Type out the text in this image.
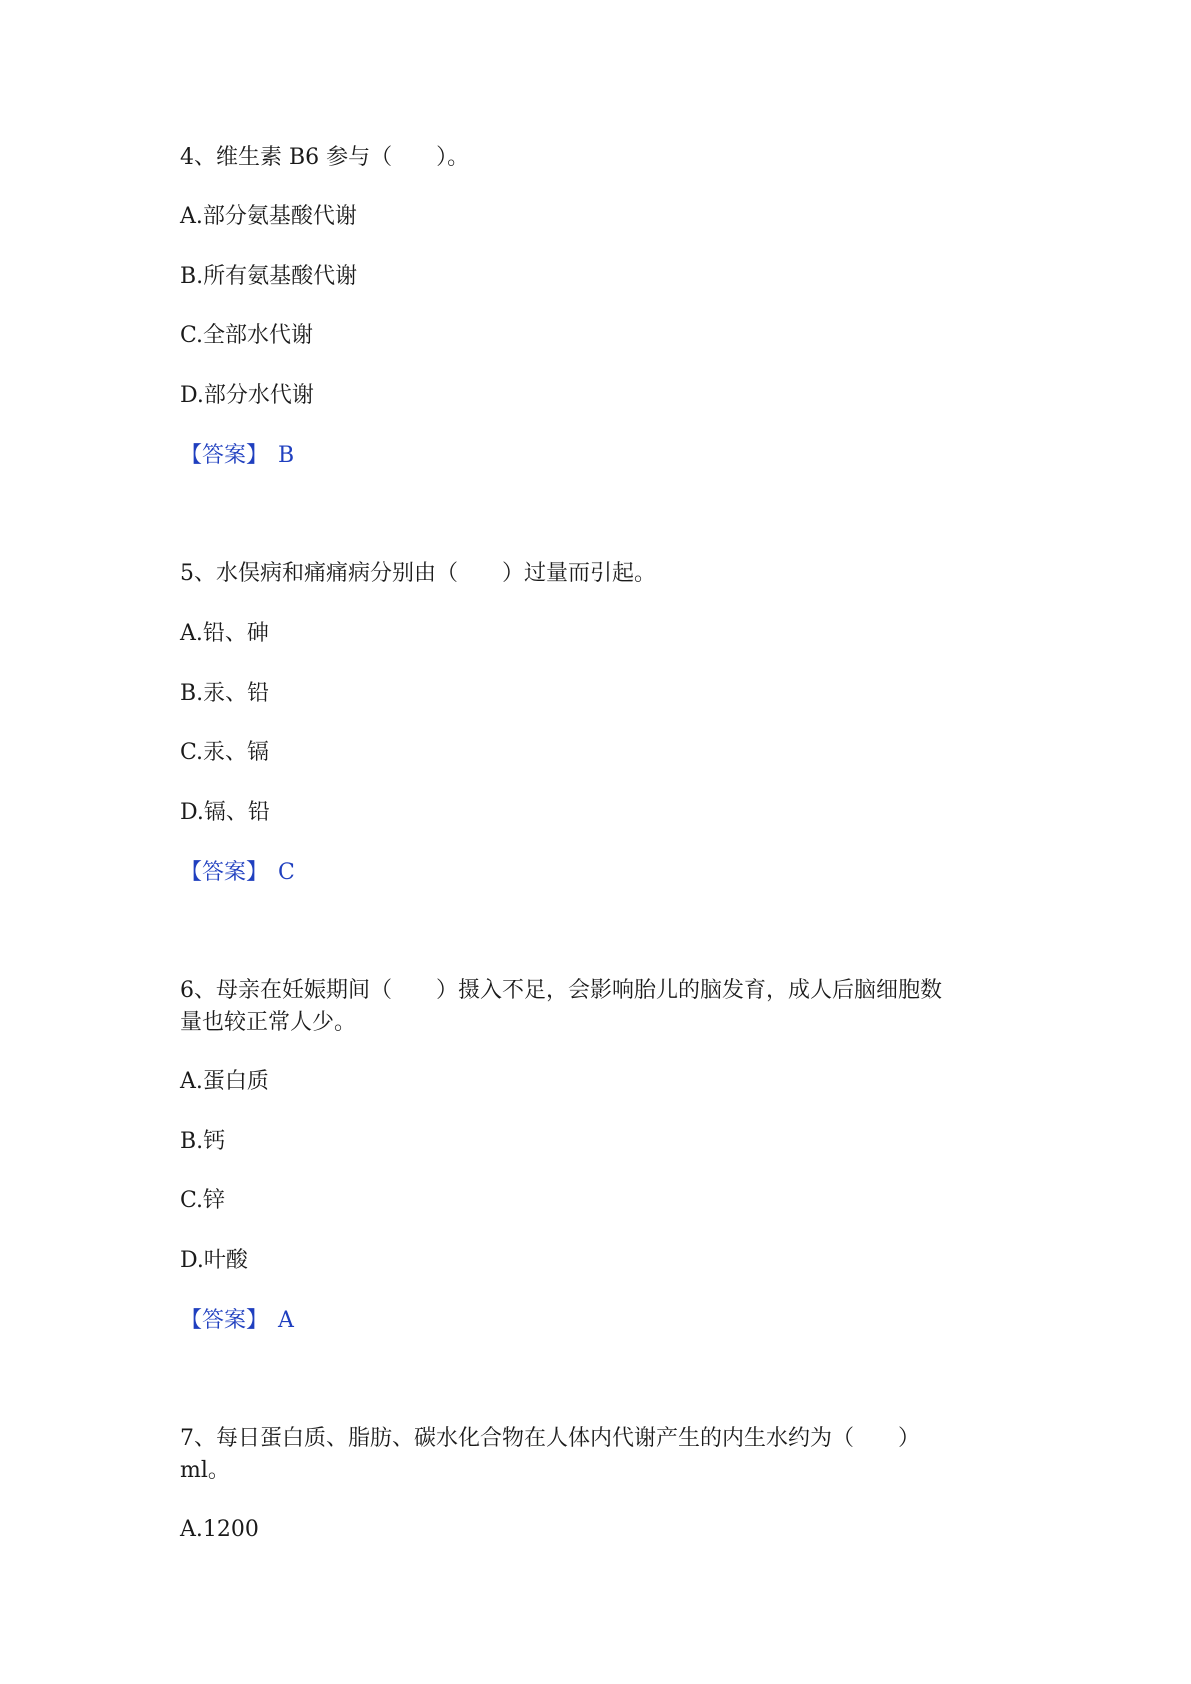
4、维生素 B6 参与（　　）。
A.部分氨基酸代谢
B.所有氨基酸代谢
C.全部水代谢
D.部分水代谢
【答案】 B
5、水俣病和痛痛病分别由（　　）过量而引起。
A.铅、砷
B.汞、铅
C.汞、镉
D.镉、铅
【答案】 C
6、母亲在妊娠期间（　　）摄入不足，会影响胎儿的脑发育，成人后脑细胞数
量也较正常人少。
A.蛋白质
B.钙
C.锌
D.叶酸
【答案】 A
7、每日蛋白质、脂肪、碳水化合物在人体内代谢产生的内生水约为（　　）
ml。
A.1200
